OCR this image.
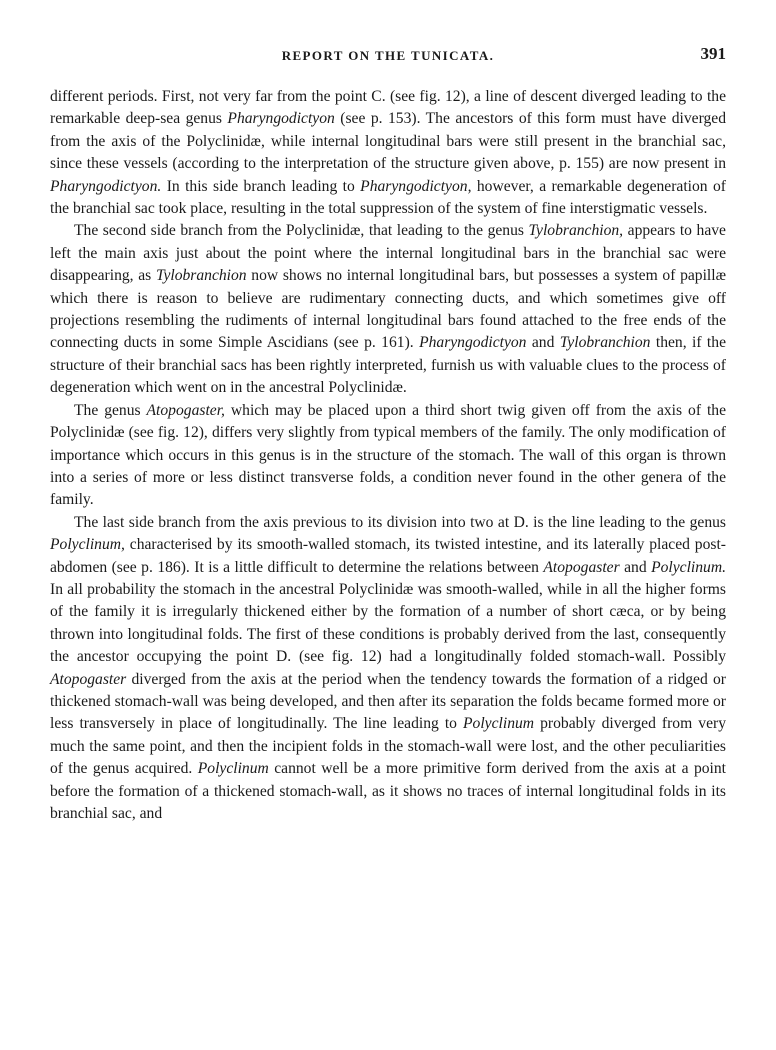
REPORT ON THE TUNICATA.	391

different periods. First, not very far from the point C. (see fig. 12), a line of descent diverged leading to the remarkable deep-sea genus Pharyngodictyon (see p. 153). The ancestors of this form must have diverged from the axis of the Polyclinidæ, while internal longitudinal bars were still present in the branchial sac, since these vessels (according to the interpretation of the structure given above, p. 155) are now present in Pharyngodictyon. In this side branch leading to Pharyngodictyon, however, a remarkable degeneration of the branchial sac took place, resulting in the total suppression of the system of fine interstigmatic vessels.

The second side branch from the Polyclinidæ, that leading to the genus Tylobranchion, appears to have left the main axis just about the point where the internal longitudinal bars in the branchial sac were disappearing, as Tylobranchion now shows no internal longitudinal bars, but possesses a system of papillæ which there is reason to believe are rudimentary connecting ducts, and which sometimes give off projections resembling the rudiments of internal longitudinal bars found attached to the free ends of the connecting ducts in some Simple Ascidians (see p. 161). Pharyngodictyon and Tylobranchion then, if the structure of their branchial sacs has been rightly interpreted, furnish us with valuable clues to the process of degeneration which went on in the ancestral Polyclinidæ.

The genus Atopogaster, which may be placed upon a third short twig given off from the axis of the Polyclinidæ (see fig. 12), differs very slightly from typical members of the family. The only modification of importance which occurs in this genus is in the structure of the stomach. The wall of this organ is thrown into a series of more or less distinct transverse folds, a condition never found in the other genera of the family.

The last side branch from the axis previous to its division into two at D. is the line leading to the genus Polyclinum, characterised by its smooth-walled stomach, its twisted intestine, and its laterally placed post-abdomen (see p. 186). It is a little difficult to determine the relations between Atopogaster and Polyclinum. In all probability the stomach in the ancestral Polyclinidæ was smooth-walled, while in all the higher forms of the family it is irregularly thickened either by the formation of a number of short cæca, or by being thrown into longitudinal folds. The first of these conditions is probably derived from the last, consequently the ancestor occupying the point D. (see fig. 12) had a longitudinally folded stomach-wall. Possibly Atopogaster diverged from the axis at the period when the tendency towards the formation of a ridged or thickened stomach-wall was being developed, and then after its separation the folds became formed more or less transversely in place of longitudinally. The line leading to Polyclinum probably diverged from very much the same point, and then the incipient folds in the stomach-wall were lost, and the other peculiarities of the genus acquired. Polyclinum cannot well be a more primitive form derived from the axis at a point before the formation of a thickened stomach-wall, as it shows no traces of internal longitudinal folds in its branchial sac, and
